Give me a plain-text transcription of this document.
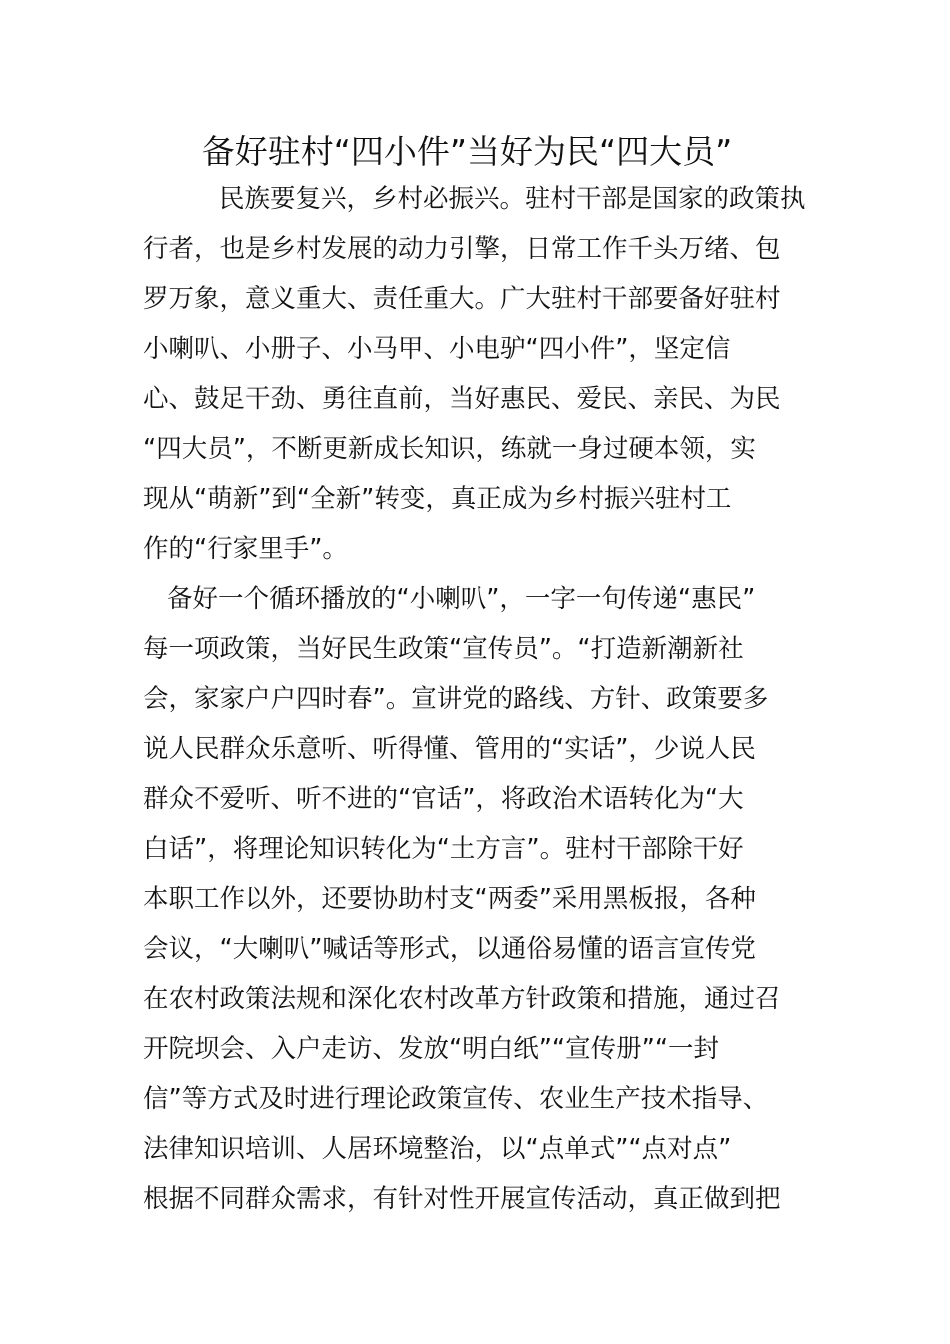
备好驻村“四小件”当好为民“四大员”
民族要复兴，乡村必振兴。驻村干部是国家的政策执
行者，也是乡村发展的动力引擎，日常工作千头万绪、包
罗万象，意义重大、责任重大。广大驻村干部要备好驻村
小喇叭、小册子、小马甲、小电驴“四小件”，坚定信
心、鼓足干劲、勇往直前，当好惠民、爱民、亲民、为民
“四大员”，不断更新成长知识，练就一身过硬本领，实
现从“萌新”到“全新”转变，真正成为乡村振兴驻村工
作的“行家里手”。
备好一个循环播放的“小喇叭”，一字一句传递“惠民”
每一项政策，当好民生政策“宣传员”。“打造新潮新社
会，家家户户四时春”。宣讲党的路线、方针、政策要多
说人民群众乐意听、听得懂、管用的“实话”，少说人民
群众不爱听、听不进的“官话”，将政治术语转化为“大
白话”，将理论知识转化为“土方言”。驻村干部除干好
本职工作以外，还要协助村支“两委”采用黑板报，各种
会议，“大喇叭”喊话等形式，以通俗易懂的语言宣传党
在农村政策法规和深化农村改革方针政策和措施，通过召
开院坝会、入户走访、发放“明白纸”“宣传册”“一封
信”等方式及时进行理论政策宣传、农业生产技术指导、
法律知识培训、人居环境整治，以“点单式”“点对点”
根据不同群众需求，有针对性开展宣传活动，真正做到把
